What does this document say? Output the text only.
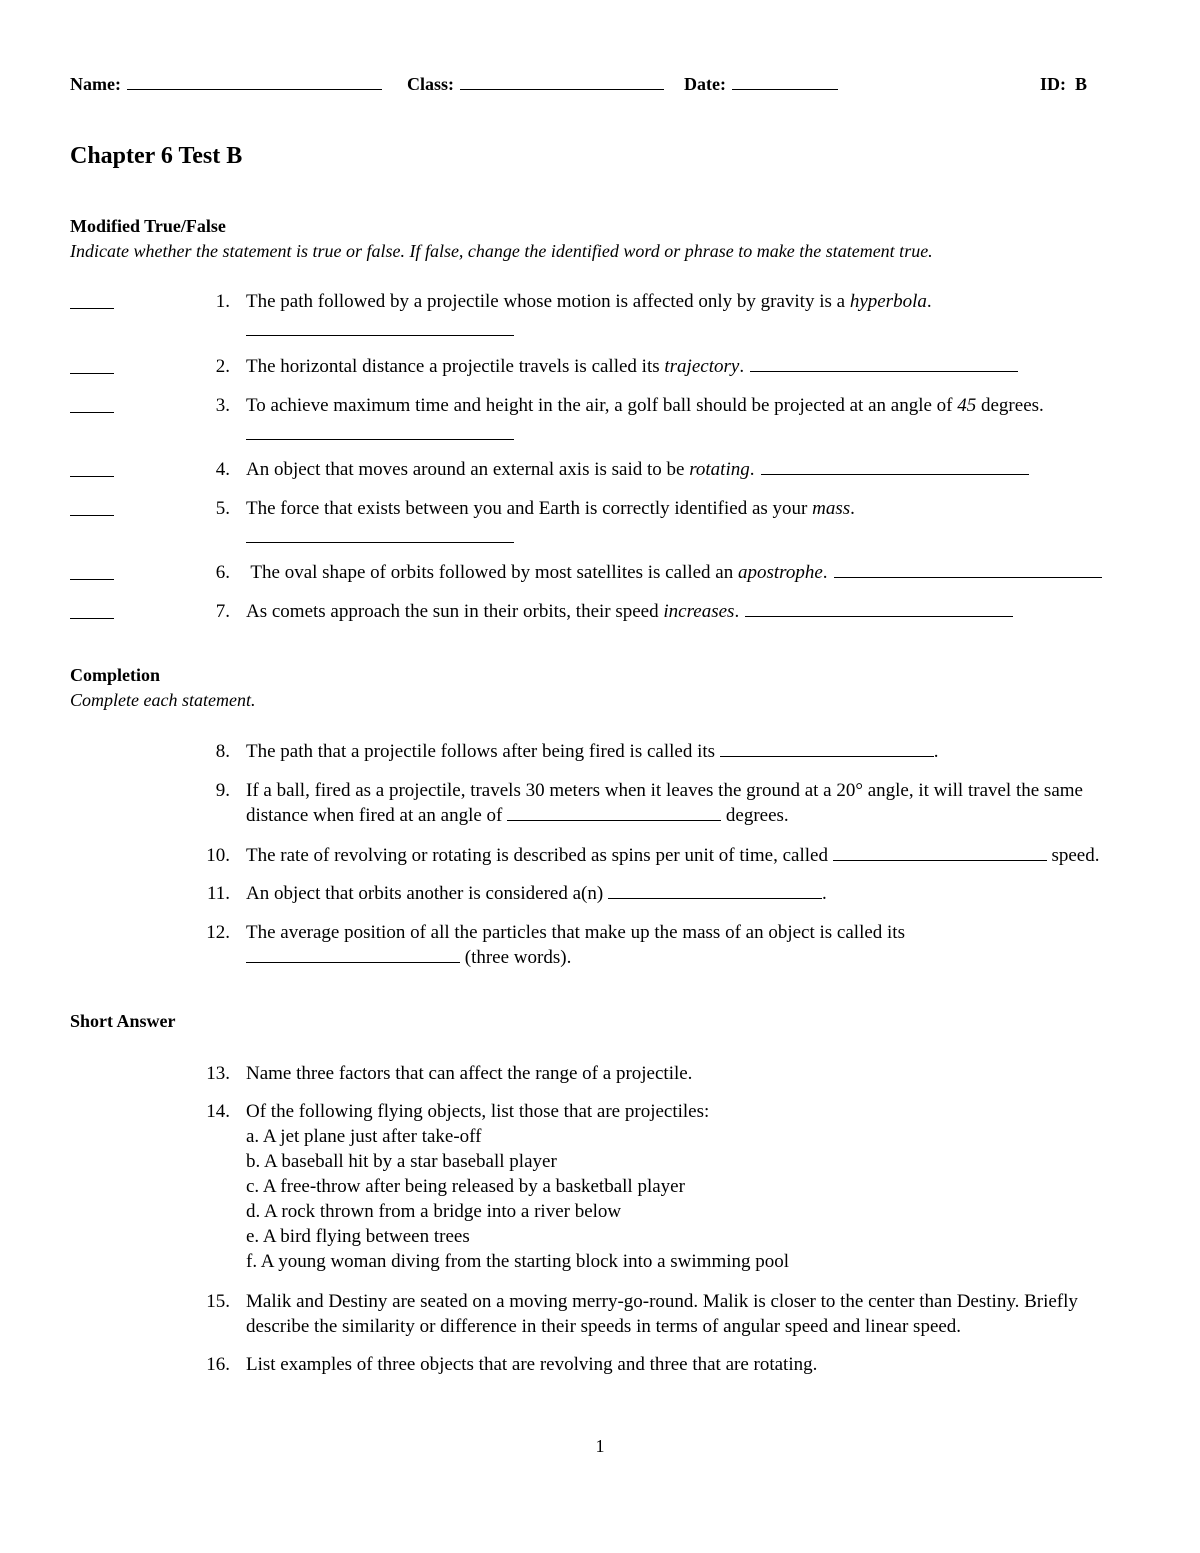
Name:	Class:	Date:	ID: B
Chapter 6 Test B
Modified True/False
Indicate whether the statement is true or false. If false, change the identified word or phrase to make the statement true.
1. The path followed by a projectile whose motion is affected only by gravity is a hyperbola.
2. The horizontal distance a projectile travels is called its trajectory.
3. To achieve maximum time and height in the air, a golf ball should be projected at an angle of 45 degrees.
4. An object that moves around an external axis is said to be rotating.
5. The force that exists between you and Earth is correctly identified as your mass.
6. The oval shape of orbits followed by most satellites is called an apostrophe.
7. As comets approach the sun in their orbits, their speed increases.
Completion
Complete each statement.
8. The path that a projectile follows after being fired is called its	.
9. If a ball, fired as a projectile, travels 30 meters when it leaves the ground at a 20° angle, it will travel the same distance when fired at an angle of	degrees.
10. The rate of revolving or rotating is described as spins per unit of time, called	speed.
11. An object that orbits another is considered a(n)	.
12. The average position of all the particles that make up the mass of an object is called its
(three words).
Short Answer
13. Name three factors that can affect the range of a projectile.
14. Of the following flying objects, list those that are projectiles:
a. A jet plane just after take-off
b. A baseball hit by a star baseball player
c. A free-throw after being released by a basketball player
d. A rock thrown from a bridge into a river below
e. A bird flying between trees
f. A young woman diving from the starting block into a swimming pool
15. Malik and Destiny are seated on a moving merry-go-round. Malik is closer to the center than Destiny. Briefly describe the similarity or difference in their speeds in terms of angular speed and linear speed.
16. List examples of three objects that are revolving and three that are rotating.
1
